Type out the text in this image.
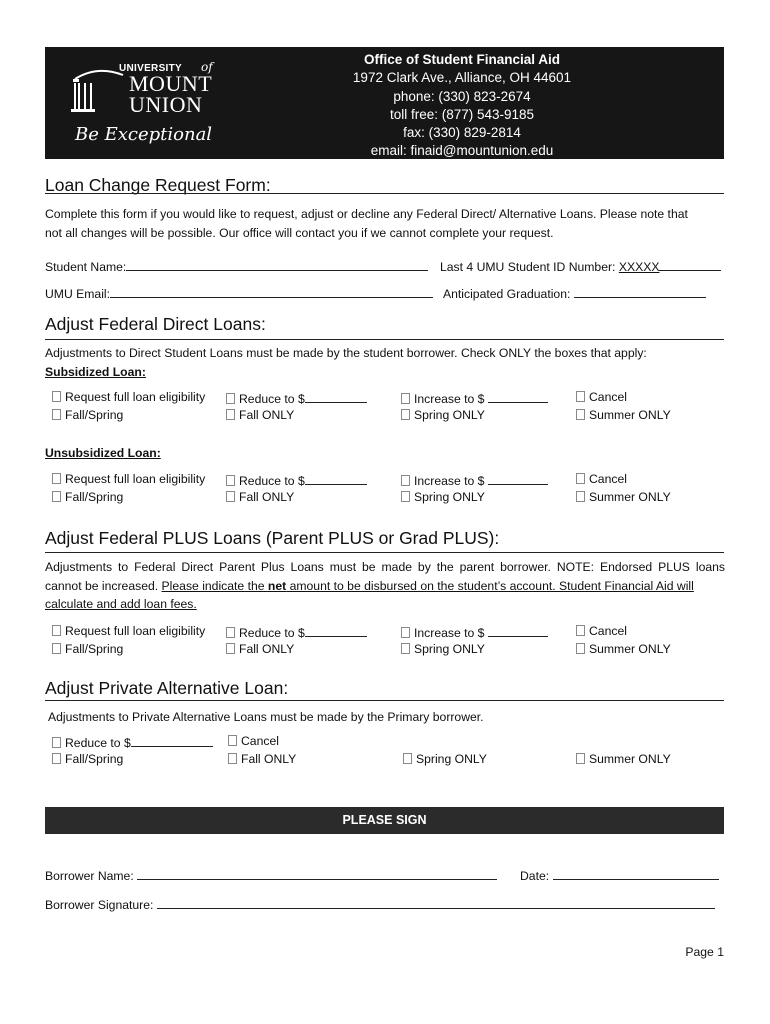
UNIVERSITY of
MOUNT
UNION
Be Exceptional
Office of Student Financial Aid
1972 Clark Ave., Alliance, OH 44601
phone: (330) 823-2674
toll free: (877) 543-9185
fax: (330) 829-2814
email: finaid@mountunion.edu
Loan Change Request Form:
Complete this form if you would like to request, adjust or decline any Federal Direct/ Alternative Loans. Please note that
not all changes will be possible. Our office will contact you if we cannot complete your request.
Student Name:	Last 4 UMU Student ID Number: XXXXX
UMU Email:	Anticipated Graduation:
Adjust Federal Direct Loans:
Adjustments to Direct Student Loans must be made by the student borrower. Check ONLY the boxes that apply:
Subsidized Loan:
Request full loan eligibility	Reduce to $	Increase to $	Cancel
Fall/Spring	Fall ONLY	Spring ONLY	Summer ONLY
Unsubsidized Loan:
Request full loan eligibility	Reduce to $	Increase to $	Cancel
Fall/Spring	Fall ONLY	Spring ONLY	Summer ONLY
Adjust Federal PLUS Loans (Parent PLUS or Grad PLUS):
Adjustments to Federal Direct Parent Plus Loans must be made by the parent borrower. NOTE: Endorsed PLUS loans
cannot be increased. Please indicate the net amount to be disbursed on the student’s account. Student Financial Aid will
calculate and add loan fees.
Request full loan eligibility	Reduce to $	Increase to $	Cancel
Fall/Spring	Fall ONLY	Spring ONLY	Summer ONLY
Adjust Private Alternative Loan:
Adjustments to Private Alternative Loans must be made by the Primary borrower.
Reduce to $	Cancel
Fall/Spring	Fall ONLY	Spring ONLY	Summer ONLY
PLEASE SIGN
Borrower Name:	Date:
Borrower Signature:
Page 1
